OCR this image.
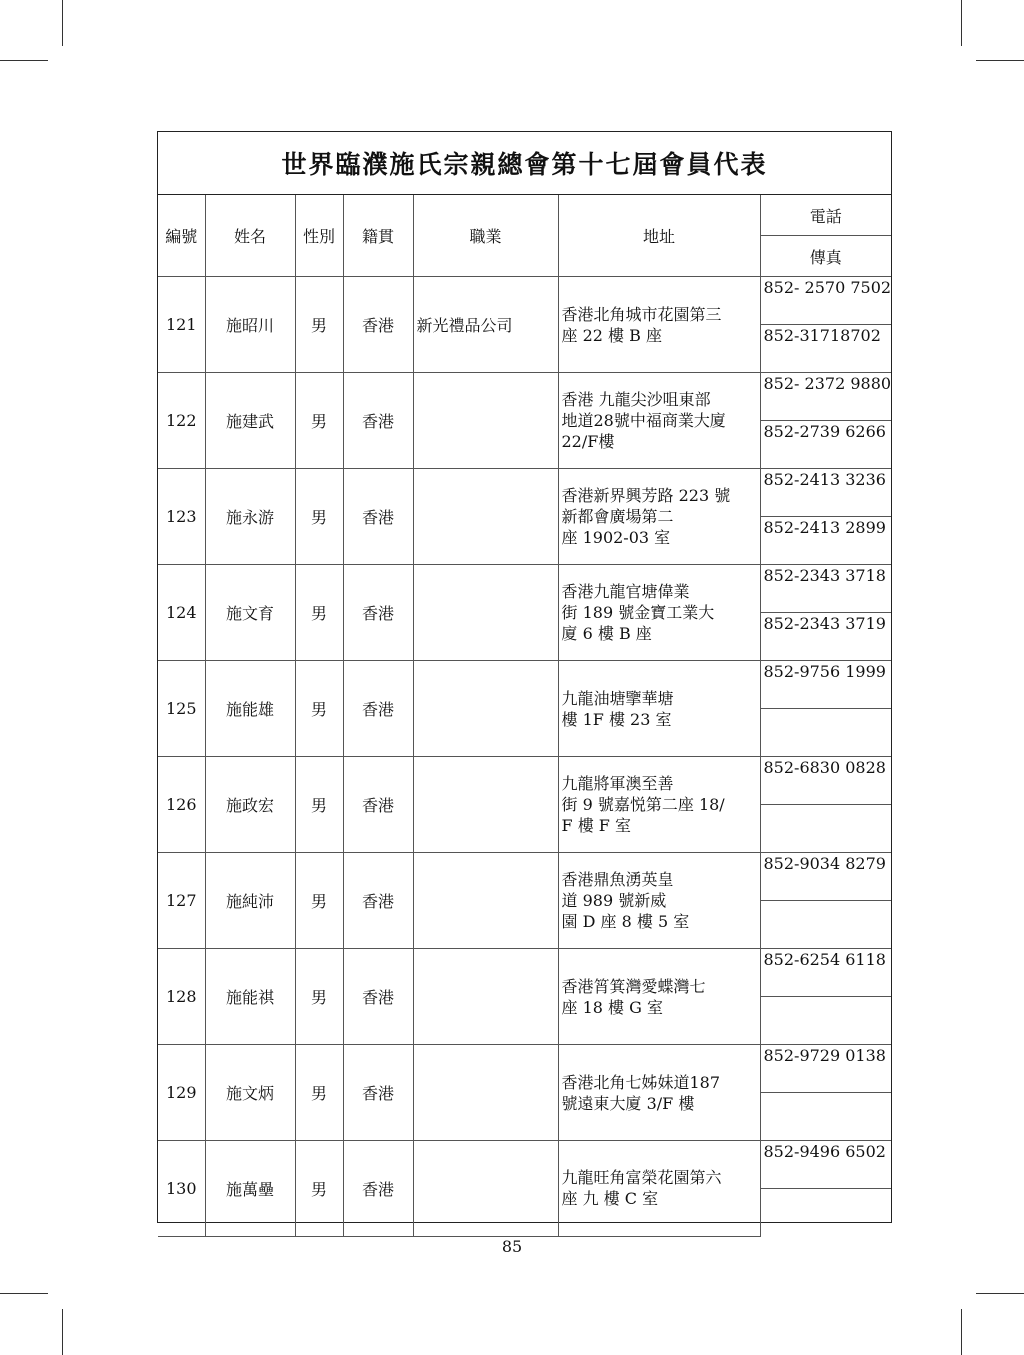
世界臨濮施氏宗親總會第十七屆會員代表
編號	姓名	性別	籍貫	職業	地址	電話
						傳真
121	施昭川	男	香港	新光禮品公司	香港北角城市花園第三
座 22 樓 B 座	852- 2570 7502
						852-31718702
122	施建武	男	香港		香港 九龍尖沙咀東部
地道28號中福商業大廈
22/F樓	852- 2372 9880
						852-2739 6266
123	施永游	男	香港		香港新界興芳路 223 號
新都會廣場第二
座 1902-03 室	852-2413 3236
						852-2413 2899
124	施文育	男	香港		香港九龍官塘偉業
街 189 號金寶工業大
廈 6 樓 B 座	852-2343 3718
						852-2343 3719
125	施能雄	男	香港		九龍油塘擥華塘
樓 1F 樓 23 室	852-9756 1999

126	施政宏	男	香港		九龍將軍澳至善
街 9 號嘉悦第二座 18/
F 樓 F 室	852-6830 0828

127	施純沛	男	香港		香港鼎魚湧英皇
道 989 號新威
園 D 座 8 樓 5 室	852-9034 8279

128	施能祺	男	香港		香港筲箕灣愛蝶灣七
座 18 樓 G 室	852-6254 6118

129	施文炳	男	香港		香港北角七姊妹道187
號遠東大廈 3/F 樓	852-9729 0138

130	施萬壘	男	香港		九龍旺角富榮花園第六
座 九 樓 C 室	852-9496 6502

85
